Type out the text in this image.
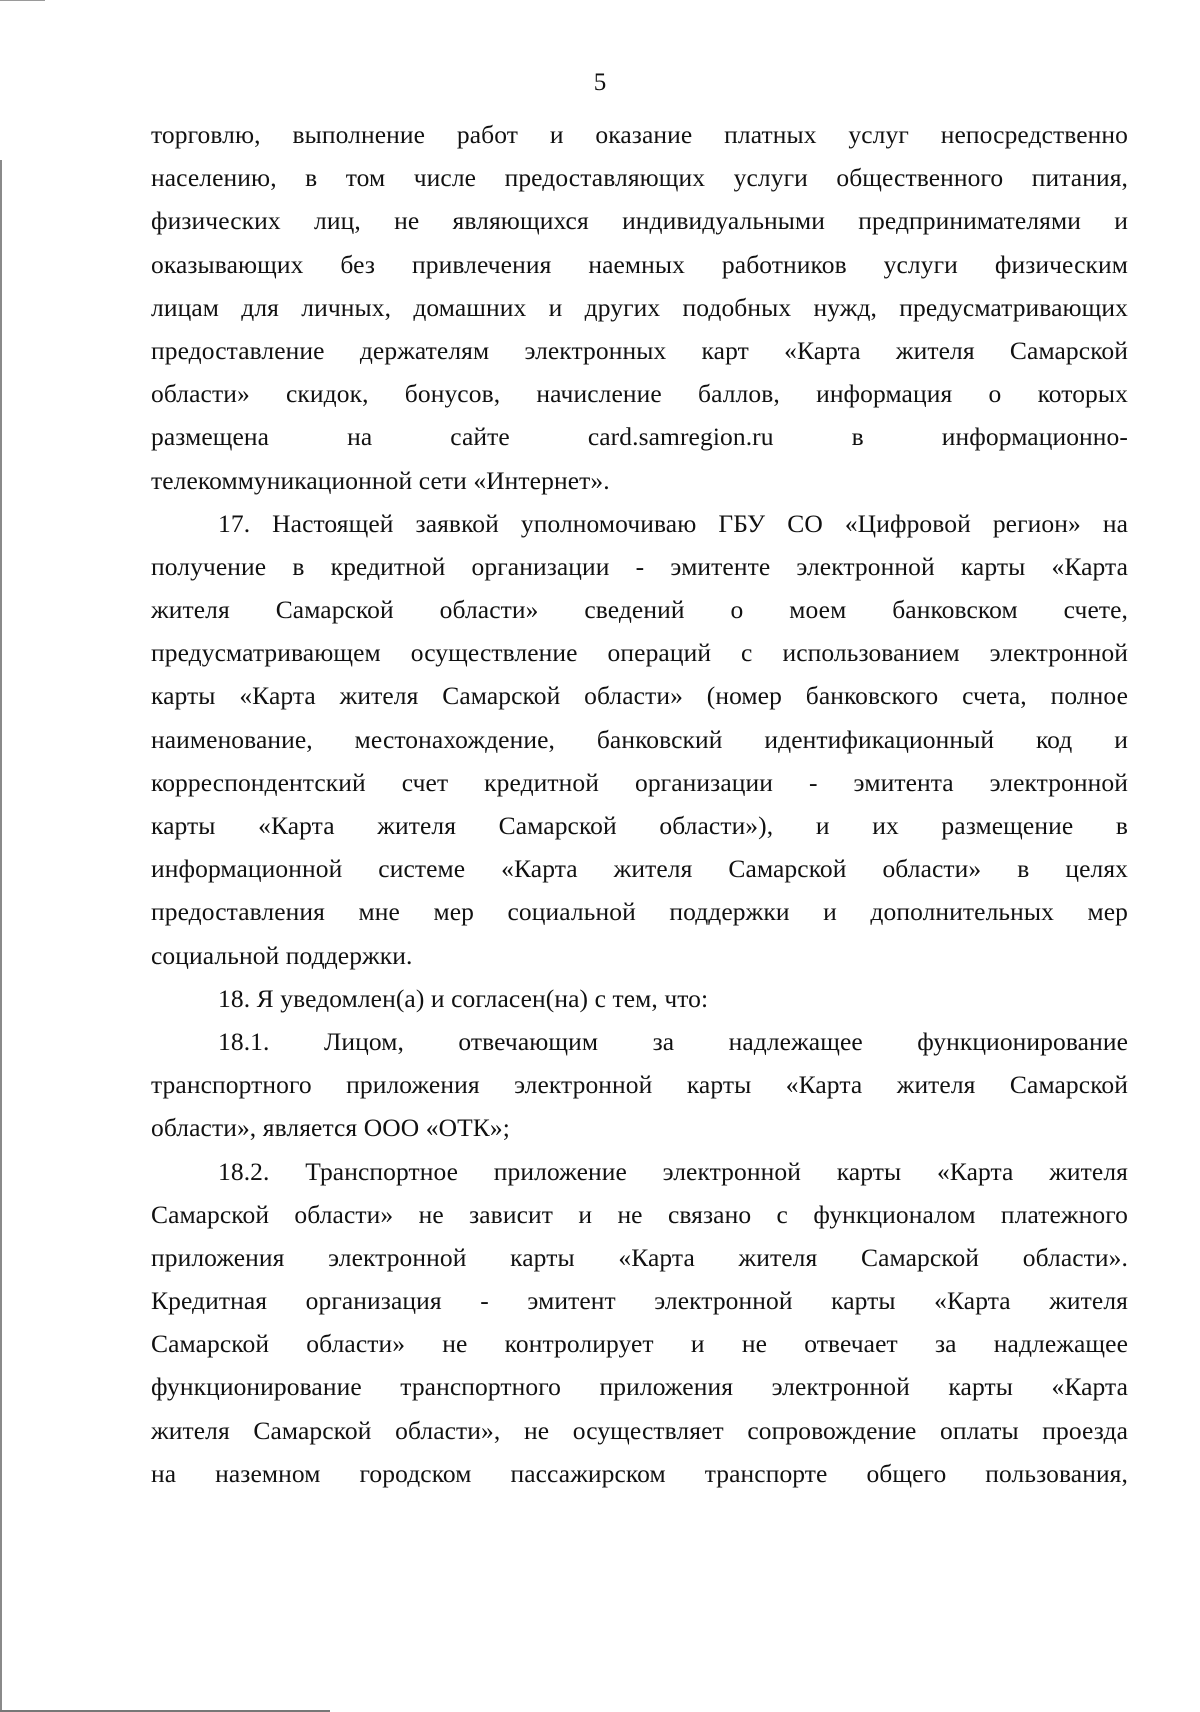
5
торговлю, выполнение работ и оказание платных услуг непосредственно
населению, в том числе предоставляющих услуги общественного питания,
физических лиц, не являющихся индивидуальными предпринимателями и
оказывающих без привлечения наемных работников услуги физическим
лицам для личных, домашних и других подобных нужд, предусматривающих
предоставление держателям электронных карт «Карта жителя Самарской
области» скидок, бонусов, начисление баллов, информация о которых
размещена на сайте card.samregion.ru в информационно-
телекоммуникационной сети «Интернет».
17. Настоящей заявкой уполномочиваю ГБУ СО «Цифровой регион» на
получение в кредитной организации - эмитенте электронной карты «Карта
жителя Самарской области» сведений о моем банковском счете,
предусматривающем осуществление операций с использованием электронной
карты «Карта жителя Самарской области» (номер банковского счета, полное
наименование, местонахождение, банковский идентификационный код и
корреспондентский счет кредитной организации - эмитента электронной
карты «Карта жителя Самарской области»), и их размещение в
информационной системе «Карта жителя Самарской области» в целях
предоставления мне мер социальной поддержки и дополнительных мер
социальной поддержки.
18. Я уведомлен(а) и согласен(на) с тем, что:
18.1. Лицом, отвечающим за надлежащее функционирование
транспортного приложения электронной карты «Карта жителя Самарской
области», является ООО «ОТК»;
18.2. Транспортное приложение электронной карты «Карта жителя
Самарской области» не зависит и не связано с функционалом платежного
приложения электронной карты «Карта жителя Самарской области».
Кредитная организация - эмитент электронной карты «Карта жителя
Самарской области» не контролирует и не отвечает за надлежащее
функционирование транспортного приложения электронной карты «Карта
жителя Самарской области», не осуществляет сопровождение оплаты проезда
на наземном городском пассажирском транспорте общего пользования,
